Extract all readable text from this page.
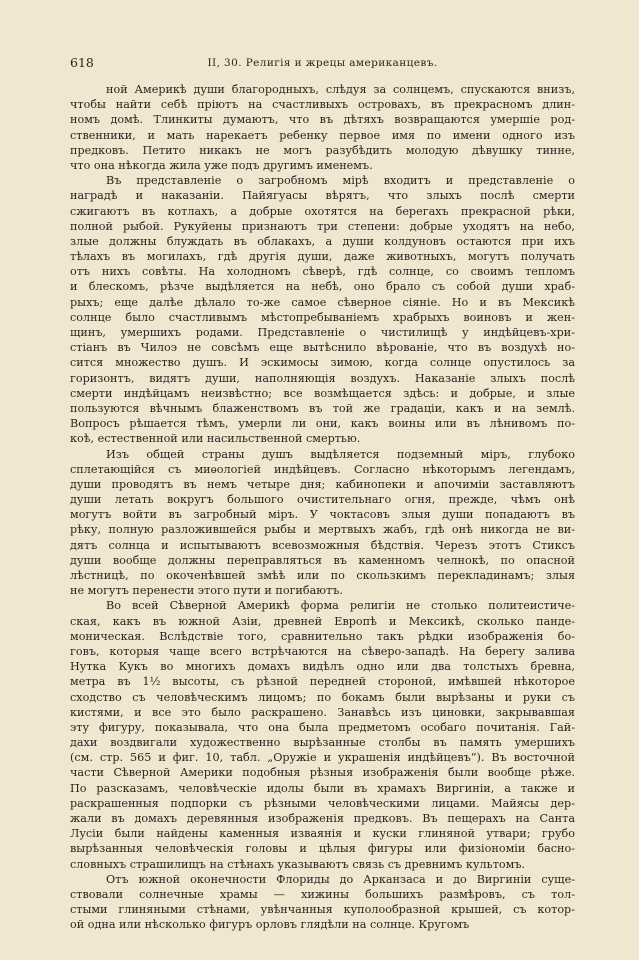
618	II, 30. Религія и жрецы американцевъ.
ной Америкѣ души благородныхъ, слѣдуя за солнцемъ, спускаются внизъ,
чтобы найти себѣ пріютъ на счастливыхъ островахъ, въ прекрасномъ длин-
номъ домѣ. Тлинкиты думаютъ, что въ дѣтяхъ возвращаются умершіе род-
ственники, и мать нарекаетъ ребенку первое имя по имени одного изъ
предковъ. Петито никакъ не могъ разубѣдить молодую дѣвушку тинне,
что она нѣкогда жила уже подъ другимъ именемъ.
Въ представленіе о загробномъ мірѣ входитъ и представленіе о
наградѣ и наказаніи. Пайягуасы вѣрятъ, что злыхъ послѣ смерти
сжигаютъ въ котлахъ, а добрые охотятся на берегахъ прекрасной рѣки,
полной рыбой. Рукуйены признаютъ три степени: добрые уходятъ на небо,
злые должны блуждать въ облакахъ, а души колдуновъ остаются при ихъ
тѣлахъ въ могилахъ, гдѣ другія души, даже животныхъ, могутъ получать
отъ нихъ совѣты. На холодномъ сѣверѣ, гдѣ солнце, со своимъ тепломъ
и блескомъ, рѣзче выдѣляется на небѣ, оно брало съ собой души храб-
рыхъ; еще далѣе дѣлало то-же самое сѣверное сіяніе. Но и въ Мексикѣ
солнце было счастливымъ мѣстопребываніемъ храбрыхъ воиновъ и жен-
щинъ, умершихъ родами. Представленіе о чистилищѣ у индѣйцевъ-хри-
стіанъ въ Чилоэ не совсѣмъ еще вытѣснило вѣрованіе, что въ воздухѣ но-
сится множество душъ. И эскимосы зимою, когда солнце опустилось за
горизонтъ, видятъ души, наполняющія воздухъ. Наказаніе злыхъ послѣ
смерти индѣйцамъ неизвѣстно; все возмѣщается здѣсь: и добрые, и злые
пользуются вѣчнымъ блаженствомъ въ той же градаціи, какъ и на землѣ.
Вопросъ рѣшается тѣмъ, умерли ли они, какъ воины или въ лѣнивомъ по-
коѣ, естественной или насильственной смертью.
Изъ общей страны душъ выдѣляется подземный міръ, глубоко
сплетающійся съ миѳологіей индѣйцевъ. Согласно нѣкоторымъ легендамъ,
души проводятъ въ немъ четыре дня; кабинопеки и апочиміи заставляютъ
души летать вокругъ большого очистительнаго огня, прежде, чѣмъ онѣ
могутъ войти въ загробный міръ. У чоктасовъ злыя души попадаютъ въ
рѣку, полную разложившейся рыбы и мертвыхъ жабъ, гдѣ онѣ никогда не ви-
дятъ солнца и испытываютъ всевозможныя бѣдствія. Черезъ этотъ Стиксъ
души вообще должны переправляться въ каменномъ челнокѣ, по опасной
лѣстницѣ, по окоченѣвшей змѣѣ или по скользкимъ перекладинамъ; злыя
не могутъ перенести этого пути и погибаютъ.
Во всей Сѣверной Америкѣ форма религіи не столько политеистиче-
ская, какъ въ южной Азіи, древней Европѣ и Мексикѣ, сколько панде-
моническая. Вслѣдствіе того, сравнительно такъ рѣдки изображенія бо-
говъ, которыя чаще всего встрѣчаются на сѣверо-западѣ. На берегу залива
Нутка Кукъ во многихъ домахъ видѣлъ одно или два толстыхъ бревна,
метра въ 1½ высоты, съ рѣзной передней стороной, имѣвшей нѣкоторое
сходство съ человѣческимъ лицомъ; по бокамъ были вырѣзаны и руки съ
кистями, и все это было раскрашено. Занавѣсь изъ циновки, закрывавшая
эту фигуру, показывала, что она была предметомъ особаго почитанія. Гай-
дахи воздвигали художественно вырѣзанные столбы въ память умершихъ
(см. стр. 565 и фиг. 10, табл. „Оружіе и украшенія индѣйцевъ“). Въ восточной
части Сѣверной Америки подобныя рѣзныя изображенія были вообще рѣже.
По разсказамъ, человѣческіе идолы были въ храмахъ Виргиніи, а также и
раскрашенныя подпорки съ рѣзными человѣческими лицами. Майясы дер-
жали въ домахъ деревянныя изображенія предковъ. Въ пещерахъ на Санта
Лусіи были найдены каменныя изваянія и куски глиняной утвари; грубо
вырѣзанныя человѣческія головы и цѣлыя фигуры или физіономіи басно-
словныхъ страшилищъ на стѣнахъ указываютъ связь съ древнимъ культомъ.
Отъ южной оконечности Флориды до Арканзаса и до Виргиніи суще-
ствовали солнечные храмы — хижины большихъ размѣровъ, съ тол-
стыми глиняными стѣнами, увѣнчанныя куполообразной крышей, съ котор-
ой одна или нѣсколько фигуръ орловъ глядѣли на солнце. Кругомъ
